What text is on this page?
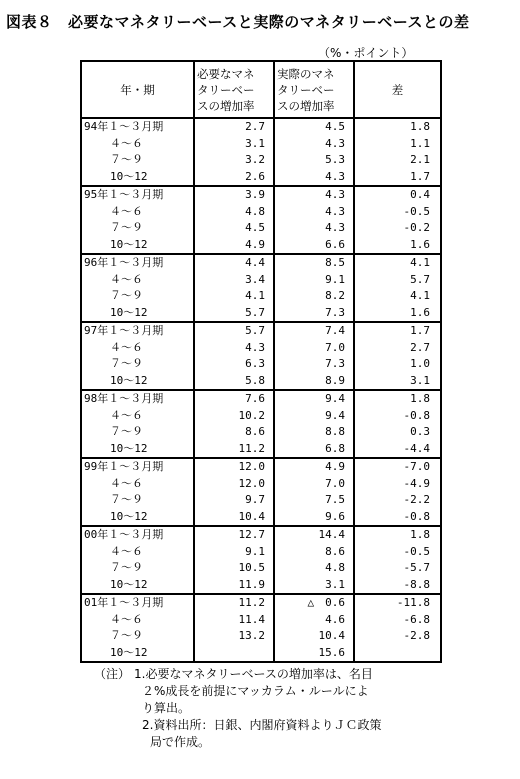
図表８　必要なマネタリーベースと実際のマネタリーベースとの差
（%・ポイント）
年・期	必要なマネ
タリーベー
スの増加率	実際のマネ
タリーベー
スの増加率	差
94年１～３月期	2.7	4.5	1.8
４～６	3.1	4.3	1.1
７～９	3.2	5.3	2.1
10～12	2.6	4.3	1.7
95年１～３月期	3.9	4.3	0.4
４～６	4.8	4.3	-0.5
７～９	4.5	4.3	-0.2
10～12	4.9	6.6	1.6
96年１～３月期	4.4	8.5	4.1
４～６	3.4	9.1	5.7
７～９	4.1	8.2	4.1
10～12	5.7	7.3	1.6
97年１～３月期	5.7	7.4	1.7
４～６	4.3	7.0	2.7
７～９	6.3	7.3	1.0
10～12	5.8	8.9	3.1
98年１～３月期	7.6	9.4	1.8
４～６	10.2	9.4	-0.8
７～９	8.6	8.8	0.3
10～12	11.2	6.8	-4.4
99年１～３月期	12.0	4.9	-7.0
４～６	12.0	7.0	-4.9
７～９	9.7	7.5	-2.2
10～12	10.4	9.6	-0.8
00年１～３月期	12.7	14.4	1.8
４～６	9.1	8.6	-0.5
７～９	10.5	4.8	-5.7
10～12	11.9	3.1	-8.8
01年１～３月期	11.2	△　0.6	-11.8
４～６	11.4	4.6	-6.8
７～９	13.2	10.4	-2.8
10～12		15.6	
（注） 1.必要なマネタリーベースの増加率は、名目
２%成長を前提にマッカラム・ルールによ
り算出。
2.資料出所：日銀、内閣府資料よりＪＣ政策
局で作成。
